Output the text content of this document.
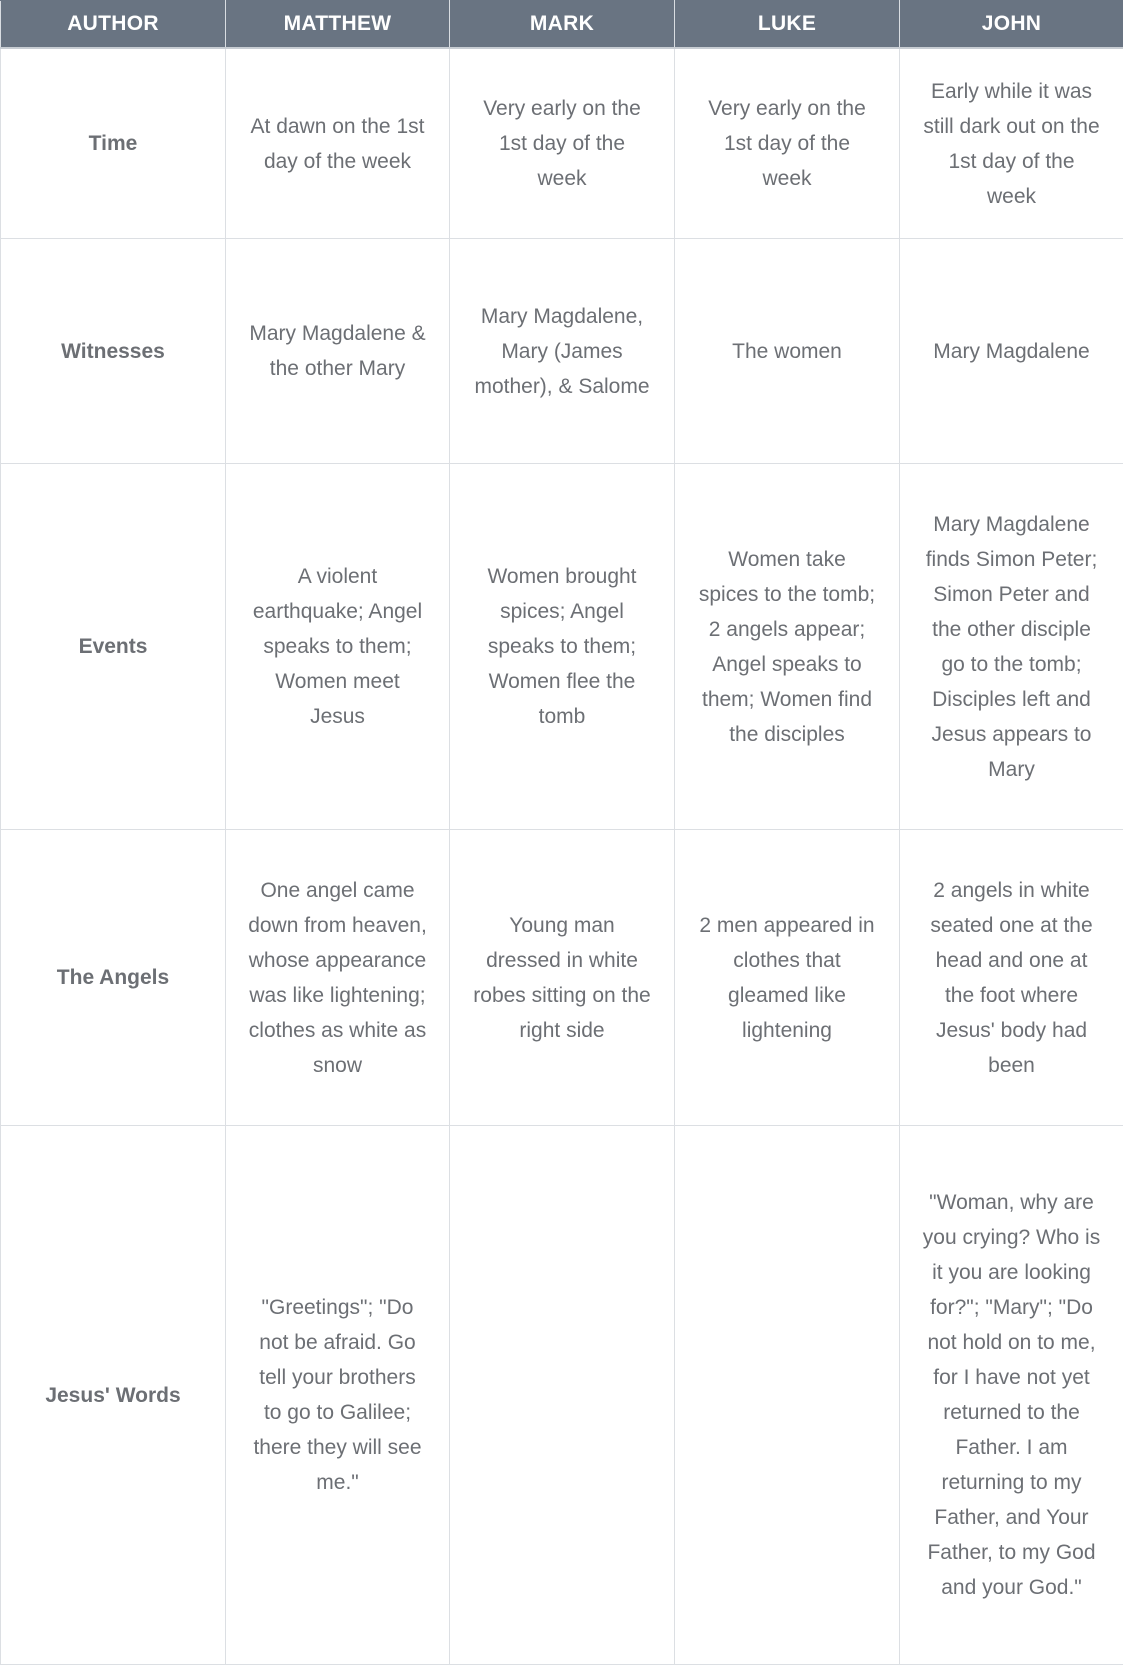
AUTHOR	MATTHEW	MARK	LUKE	JOHN
Time	At dawn on the 1st day of the week	Very early on the 1st day of the week	Very early on the 1st day of the week	Early while it was still dark out on the 1st day of the week
Witnesses	Mary Magdalene & the other Mary	Mary Magdalene, Mary (James mother), & Salome	The women	Mary Magdalene
Events	A violent earthquake; Angel speaks to them; Women meet Jesus	Women brought spices; Angel speaks to them; Women flee the tomb	Women take spices to the tomb; 2 angels appear; Angel speaks to them; Women find the disciples	Mary Magdalene finds Simon Peter; Simon Peter and the other disciple go to the tomb; Disciples left and Jesus appears to Mary
The Angels	One angel came down from heaven, whose appearance was like lightening; clothes as white as snow	Young man dressed in white robes sitting on the right side	2 men appeared in clothes that gleamed like lightening	2 angels in white seated one at the head and one at the foot where Jesus' body had been
Jesus' Words	"Greetings"; "Do not be afraid. Go tell your brothers to go to Galilee; there they will see me."			"Woman, why are you crying? Who is it you are looking for?"; "Mary"; "Do not hold on to me, for I have not yet returned to the Father. I am returning to my Father, and Your Father, to my God and your God."
